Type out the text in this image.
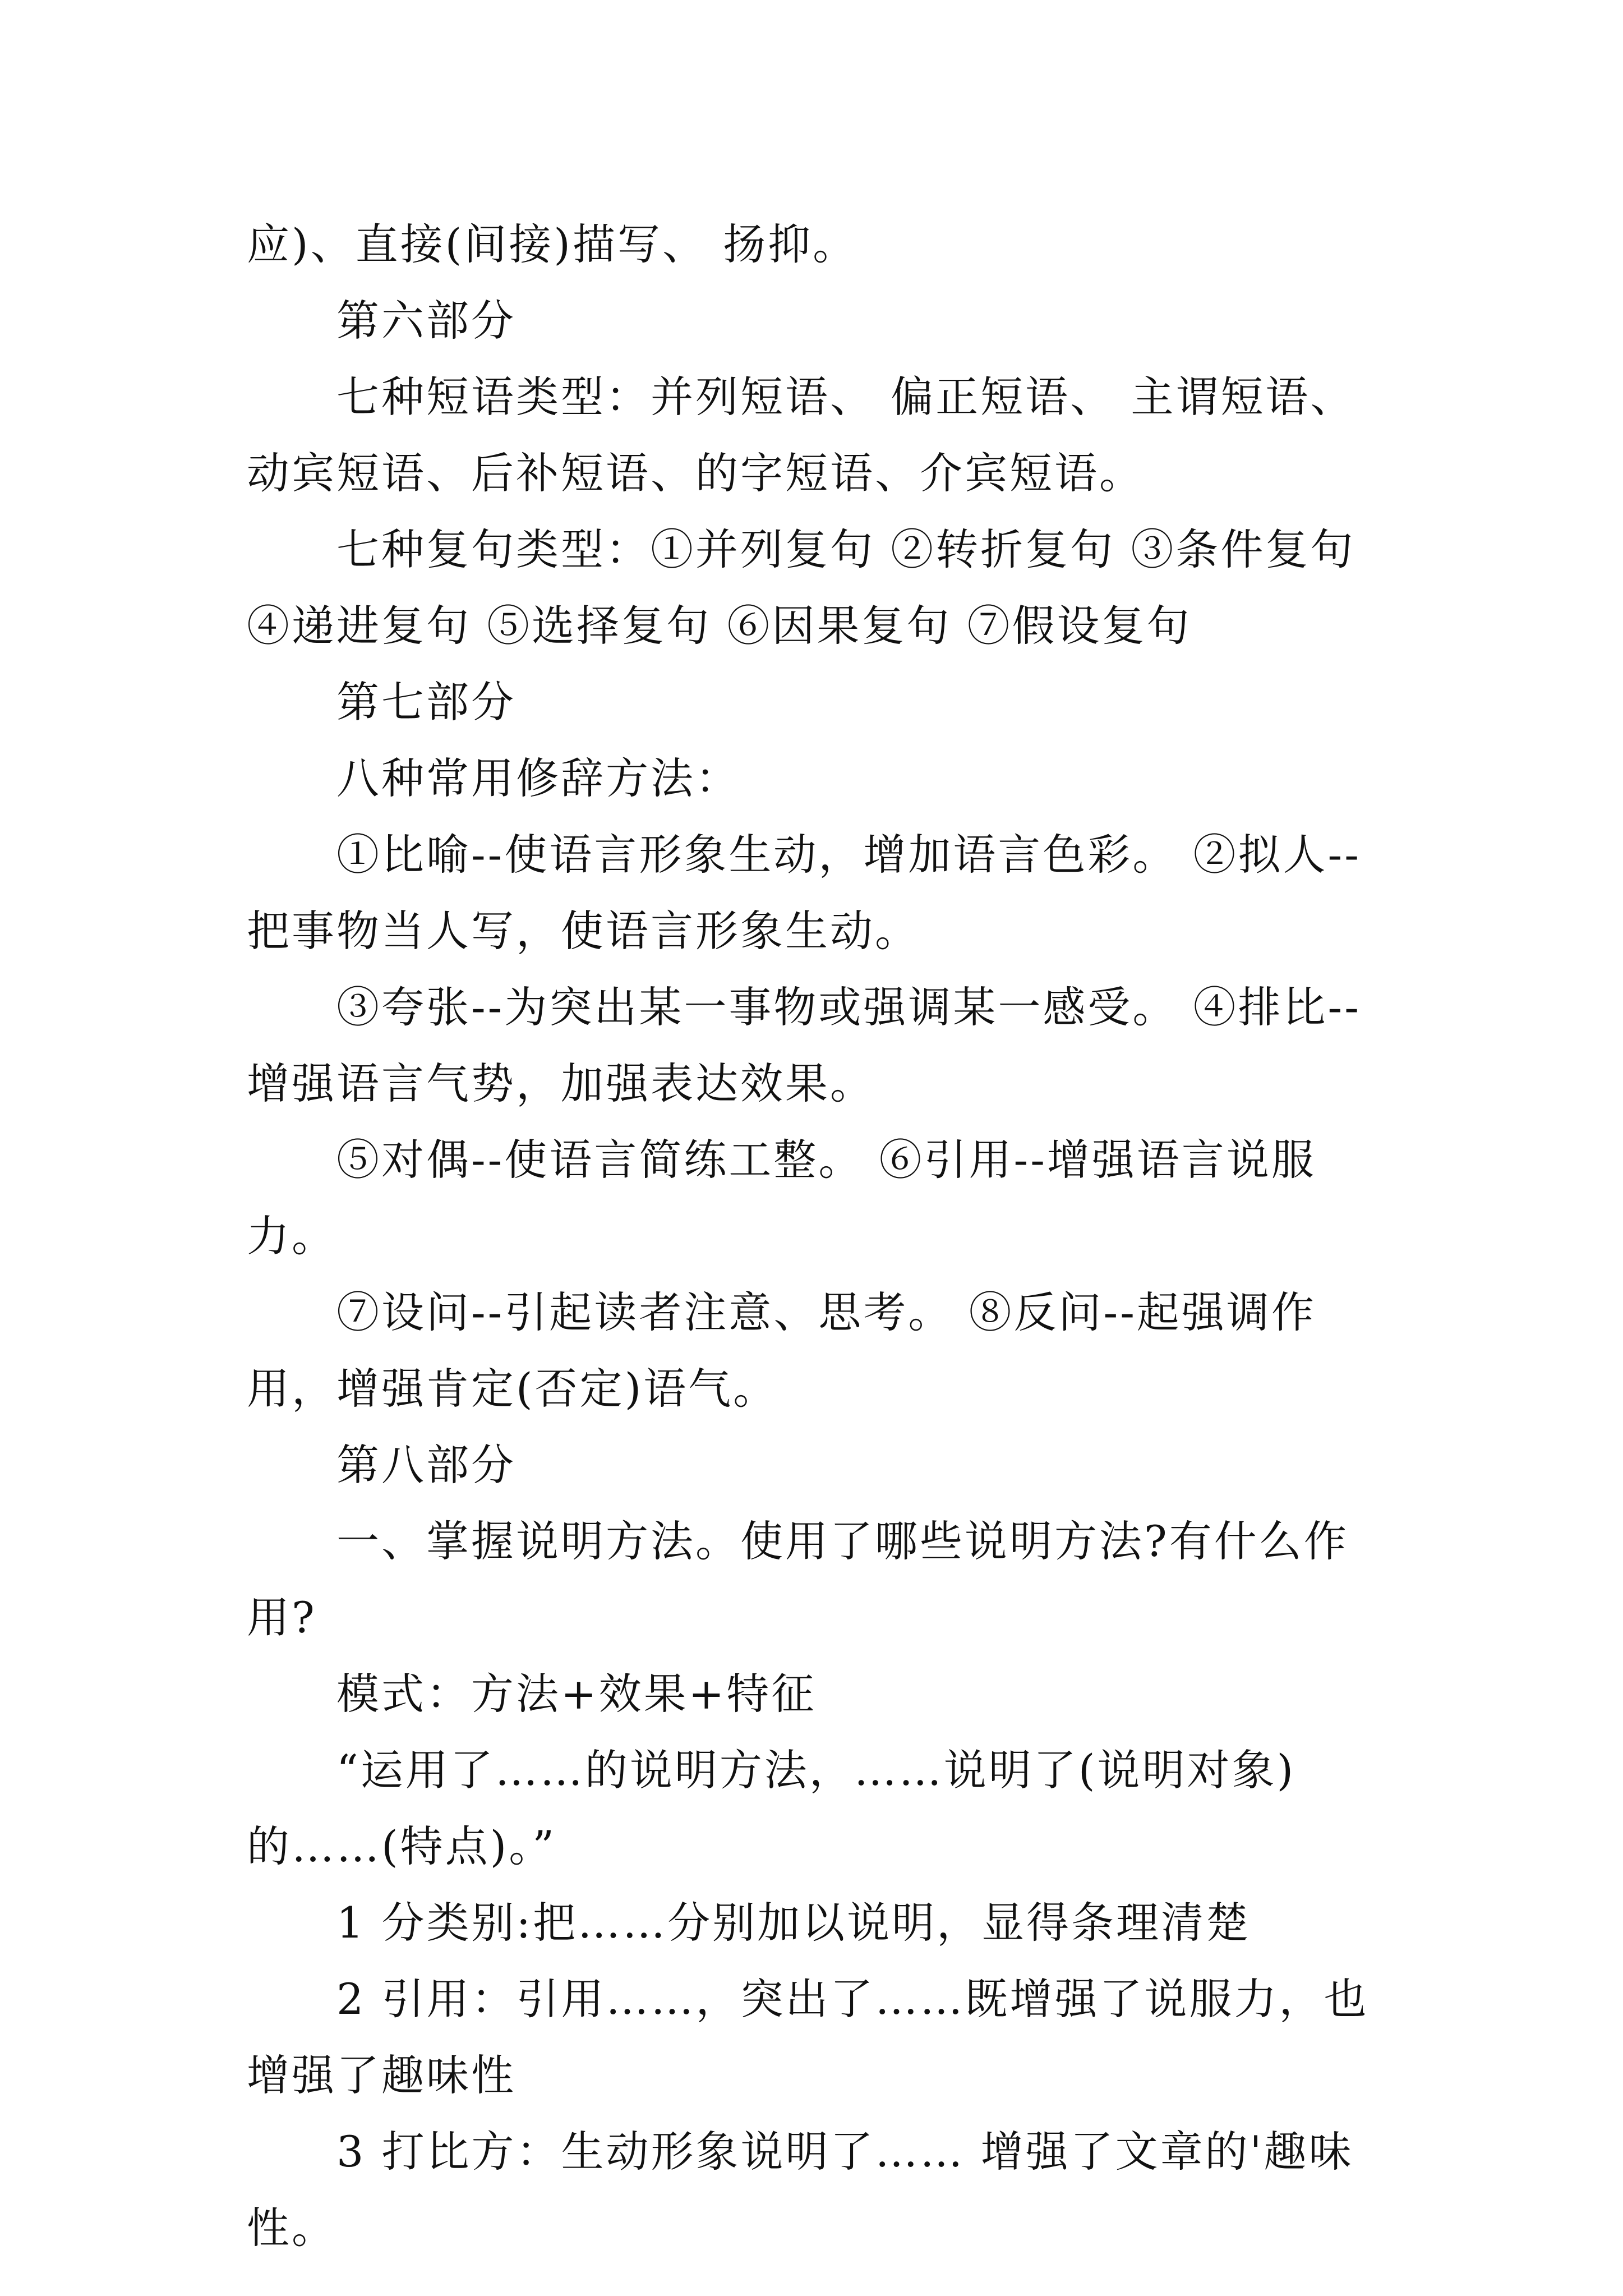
应)、直接(间接)描写、 扬抑。

第六部分

七种短语类型：并列短语、 偏正短语、 主谓短语、动宾短语、后补短语、的字短语、介宾短语。

七种复句类型：①并列复句 ②转折复句 ③条件复句 ④递进复句 ⑤选择复句 ⑥因果复句 ⑦假设复句

第七部分

八种常用修辞方法：

①比喻--使语言形象生动，增加语言色彩。 ②拟人--把事物当人写，使语言形象生动。

③夸张--为突出某一事物或强调某一感受。 ④排比--增强语言气势，加强表达效果。

⑤对偶--使语言简练工整。 ⑥引用--增强语言说服力。

⑦设问--引起读者注意、思考。 ⑧反问--起强调作用，增强肯定(否定)语气。

第八部分

一、掌握说明方法。使用了哪些说明方法?有什么作用?

模式：方法+效果+特征

“运用了……的说明方法，……说明了(说明对象)的……(特点)。”

1 分类别:把……分别加以说明，显得条理清楚

2 引用：引用……，突出了……既增强了说服力，也增强了趣味性

3 打比方：生动形象说明了…… 增强了文章的'趣味性。
